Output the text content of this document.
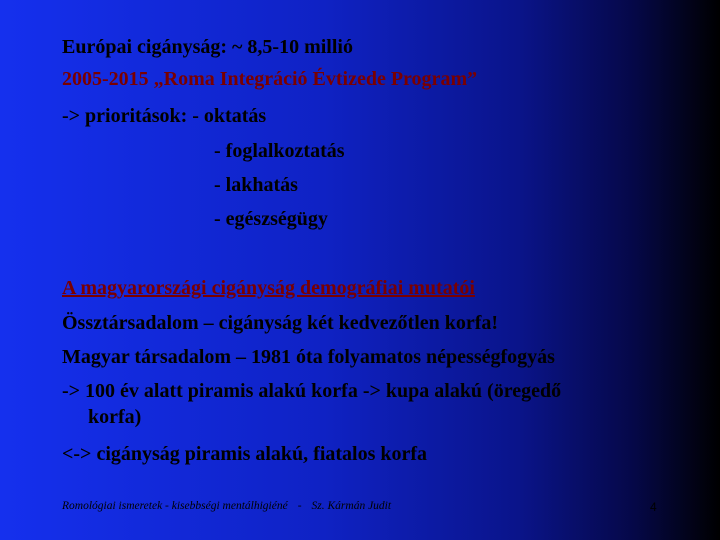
Európai cigányság: ~ 8,5-10 millió
2005-2015 „Roma Integráció Évtizede Program”
-> prioritások: - oktatás
- foglalkoztatás
- lakhatás
- egészségügy
A magyarországi cigányság demográfiai mutatói
Össztársadalom – cigányság két kedvezőtlen korfa!
Magyar társadalom – 1981 óta folyamatos népességfogyás
-> 100 év alatt piramis alakú korfa -> kupa alakú (öregedő
korfa)
<-> cigányság piramis alakú, fiatalos korfa
Romológiai ismeretek - kisebbségi mentálhigiéné - Sz. Kármán Judit	4
